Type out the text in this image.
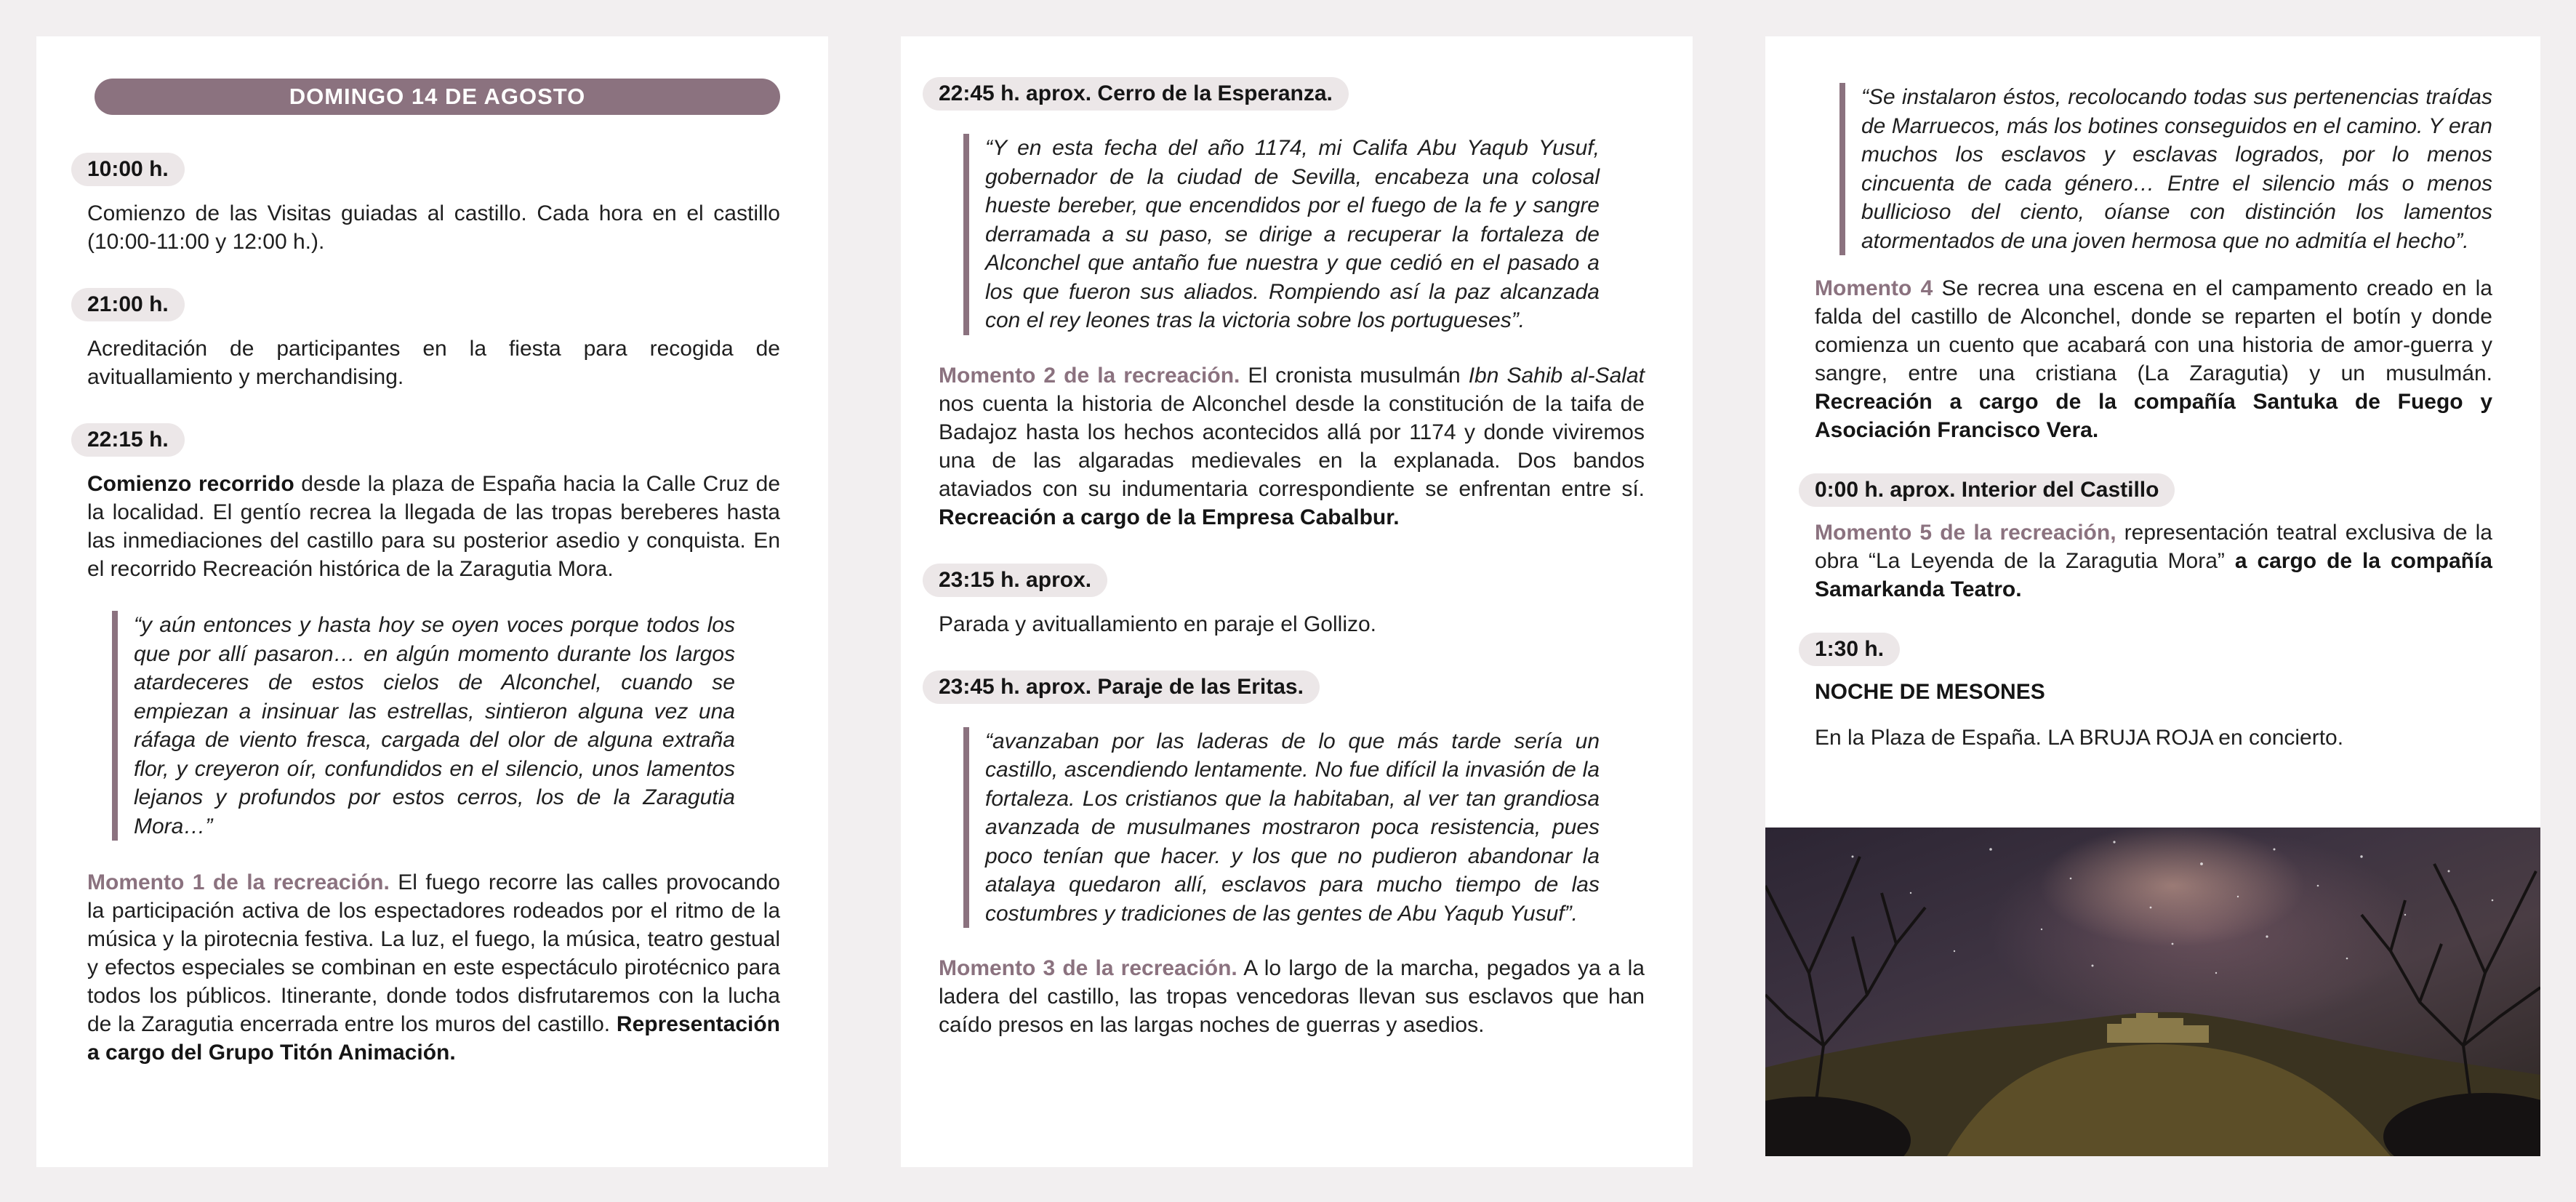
DOMINGO 14 DE AGOSTO
10:00 h.

Comienzo de las Visitas guiadas al castillo. Cada hora en el castillo (10:00-11:00 y 12:00 h.).

21:00 h.

Acreditación de participantes en la fiesta para recogida de avituallamiento y merchandising.

22:15 h.

Comienzo recorrido desde la plaza de España hacia la Calle Cruz de la localidad. El gentío recrea la llegada de las tropas bereberes hasta las inmediaciones del castillo para su posterior asedio y conquista. En el recorrido Recreación histórica de la Zaragutia Mora.

“y aún entonces y hasta hoy se oyen voces porque todos los que por allí pasaron… en algún momento durante los largos atardeceres de estos cielos de Alconchel, cuando se empiezan a insinuar las estrellas, sintieron alguna vez una ráfaga de viento fresca, cargada del olor de alguna extraña flor, y creyeron oír, confundidos en el silencio, unos lamentos lejanos y profundos por estos cerros, los de la Zaragutia Mora…”

Momento 1 de la recreación. El fuego recorre las calles provocando la participación activa de los espectadores rodeados por el ritmo de la música y la pirotecnia festiva. La luz, el fuego, la música, teatro gestual y efectos especiales se combinan en este espectáculo pirotécnico para todos los públicos. Itinerante, donde todos disfrutaremos con la lucha de la Zaragutia encerrada entre los muros del castillo. Representación a cargo del Grupo Titón Animación.

22:45 h. aprox. Cerro de la Esperanza.
“Y en esta fecha del año 1174, mi Califa Abu Yaqub Yusuf, gobernador de la ciudad de Sevilla, encabeza una colosal hueste bereber, que encendidos por el fuego de la fe y sangre derramada a su paso, se dirige a recuperar la fortaleza de Alconchel que antaño fue nuestra y que cedió en el pasado a los que fueron sus aliados. Rompiendo así la paz alcanzada con el rey leones tras la victoria sobre los portugueses”.

Momento 2 de la recreación. El cronista musulmán Ibn Sahib al-Salat nos cuenta la historia de Alconchel desde la constitución de la taifa de Badajoz hasta los hechos acontecidos allá por 1174 y donde viviremos una de las algaradas medievales en la explanada. Dos bandos ataviados con su indumentaria correspondiente se enfrentan entre sí. Recreación a cargo de la Empresa Cabalbur.

23:15 h. aprox.

Parada y avituallamiento en paraje el Gollizo.

23:45 h. aprox. Paraje de las Eritas.
“avanzaban por las laderas de lo que más tarde sería un castillo, ascendiendo lentamente. No fue difícil la invasión de la fortaleza. Los cristianos que la habitaban, al ver tan grandiosa avanzada de musulmanes mostraron poca resistencia, pues poco tenían que hacer. y los que no pudieron abandonar la atalaya quedaron allí, esclavos para mucho tiempo de las costumbres y tradiciones de las gentes de Abu Yaqub Yusuf”.

Momento 3 de la recreación. A lo largo de la marcha, pegados ya a la ladera del castillo, las tropas vencedoras llevan sus esclavos que han caído presos en las largas noches de guerras y asedios.

“Se instalaron éstos, recolocando todas sus pertenencias traídas de Marruecos, más los botines conseguidos en el camino. Y eran muchos los esclavos y esclavas logrados, por lo menos cincuenta de cada género… Entre el silencio más o menos bullicioso del ciento, oíanse con distinción los lamentos atormentados de una joven hermosa que no admitía el hecho”.

Momento 4 Se recrea una escena en el campamento creado en la falda del castillo de Alconchel, donde se reparten el botín y donde comienza un cuento que acabará con una historia de amor-guerra y sangre, entre una cristiana (La Zaragutia) y un musulmán. Recreación a cargo de la compañía Santuka de Fuego y Asociación Francisco Vera.

0:00 h. aprox. Interior del Castillo

Momento 5 de la recreación, representación teatral exclusiva de la obra “La Leyenda de la Zaragutia Mora” a cargo de la compañía Samarkanda Teatro.

1:30 h.

NOCHE DE MESONES

En la Plaza de España. LA BRUJA ROJA en concierto.
